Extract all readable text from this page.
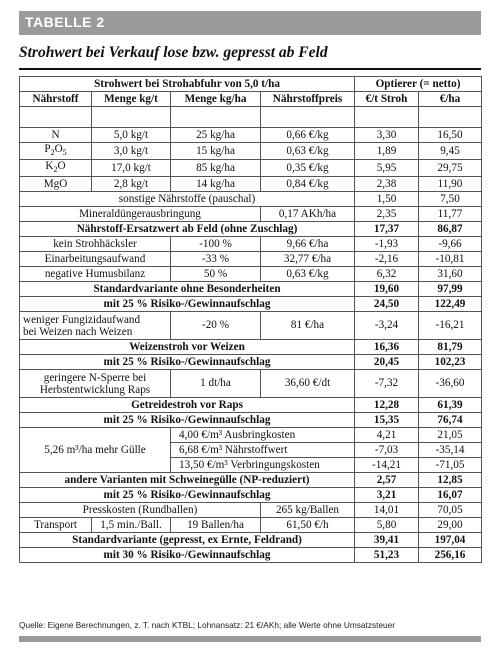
TABELLE 2
Strohwert bei Verkauf lose bzw. gepresst ab Feld
Strohwert bei Strohabfuhr von 5,0 t/ha				Optierer (= netto)	
Nährstoff	Menge kg/t	Menge kg/ha	Nährstoffpreis	€/t Stroh	€/ha

N	5,0 kg/t	25 kg/ha	0,66 €/kg	3,30	16,50
$P_2O_5$	3,0 kg/t	15 kg/ha	0,63 €/kg	1,89	9,45
$K_2O$	17,0 kg/t	85 kg/ha	0,35 €/kg	5,95	29,75
MgO	2,8 kg/t	14 kg/ha	0,84 €/kg	2,38	11,90
sonstige Nährstoffe (pauschal)				1,50	7,50
Mineraldüngerausbringung			0,17 AKh/ha	2,35	11,77
Nährstoff-Ersatzwert ab Feld (ohne Zuschlag)				17,37	86,87
kein Strohhäcksler		-100 %	9,66 €/ha	-1,93	-9,66
Einarbeitungsaufwand		-33 %	32,77 €/ha	-2,16	-10,81
negative Humusbilanz		50 %	0,63 €/kg	6,32	31,60
Standardvariante ohne Besonderheiten				19,60	97,99
mit 25 % Risiko-/Gewinnaufschlag				24,50	122,49
weniger Fungizidaufwand
bei Weizen nach Weizen		-20 %	81 €/ha	-3,24	-16,21
Weizenstroh vor Weizen				16,36	81,79
mit 25 % Risiko-/Gewinnaufschlag				20,45	102,23
geringere N-Sperre bei
Herbstentwicklung Raps		1 dt/ha	36,60 €/dt	-7,32	-36,60
Getreidestroh vor Raps				12,28	61,39
mit 25 % Risiko-/Gewinnaufschlag				15,35	76,74
5,26 m³/ha mehr Gülle		4,00 €/m³ Ausbringkosten		4,21	21,05
		6,68 €/m³ Nährstoffwert		-7,03	-35,14
		13,50 €/m³ Verbringungskosten		-14,21	-71,05
andere Varianten mit Schweinegülle (NP-reduziert)				2,57	12,85
mit 25 % Risiko-/Gewinnaufschlag				3,21	16,07
Presskosten (Rundballen)			265 kg/Ballen	14,01	70,05
Transport	1,5 min./Ball.	19 Ballen/ha	61,50 €/h	5,80	29,00
Standardvariante (gepresst, ex Ernte, Feldrand)				39,41	197,04
mit 30 % Risiko-/Gewinnaufschlag				51,23	256,16
Quelle: Eigene Berechnungen, z. T. nach KTBL; Lohnansatz: 21 €/AKh; alle Werte ohne Umsatzsteuer
